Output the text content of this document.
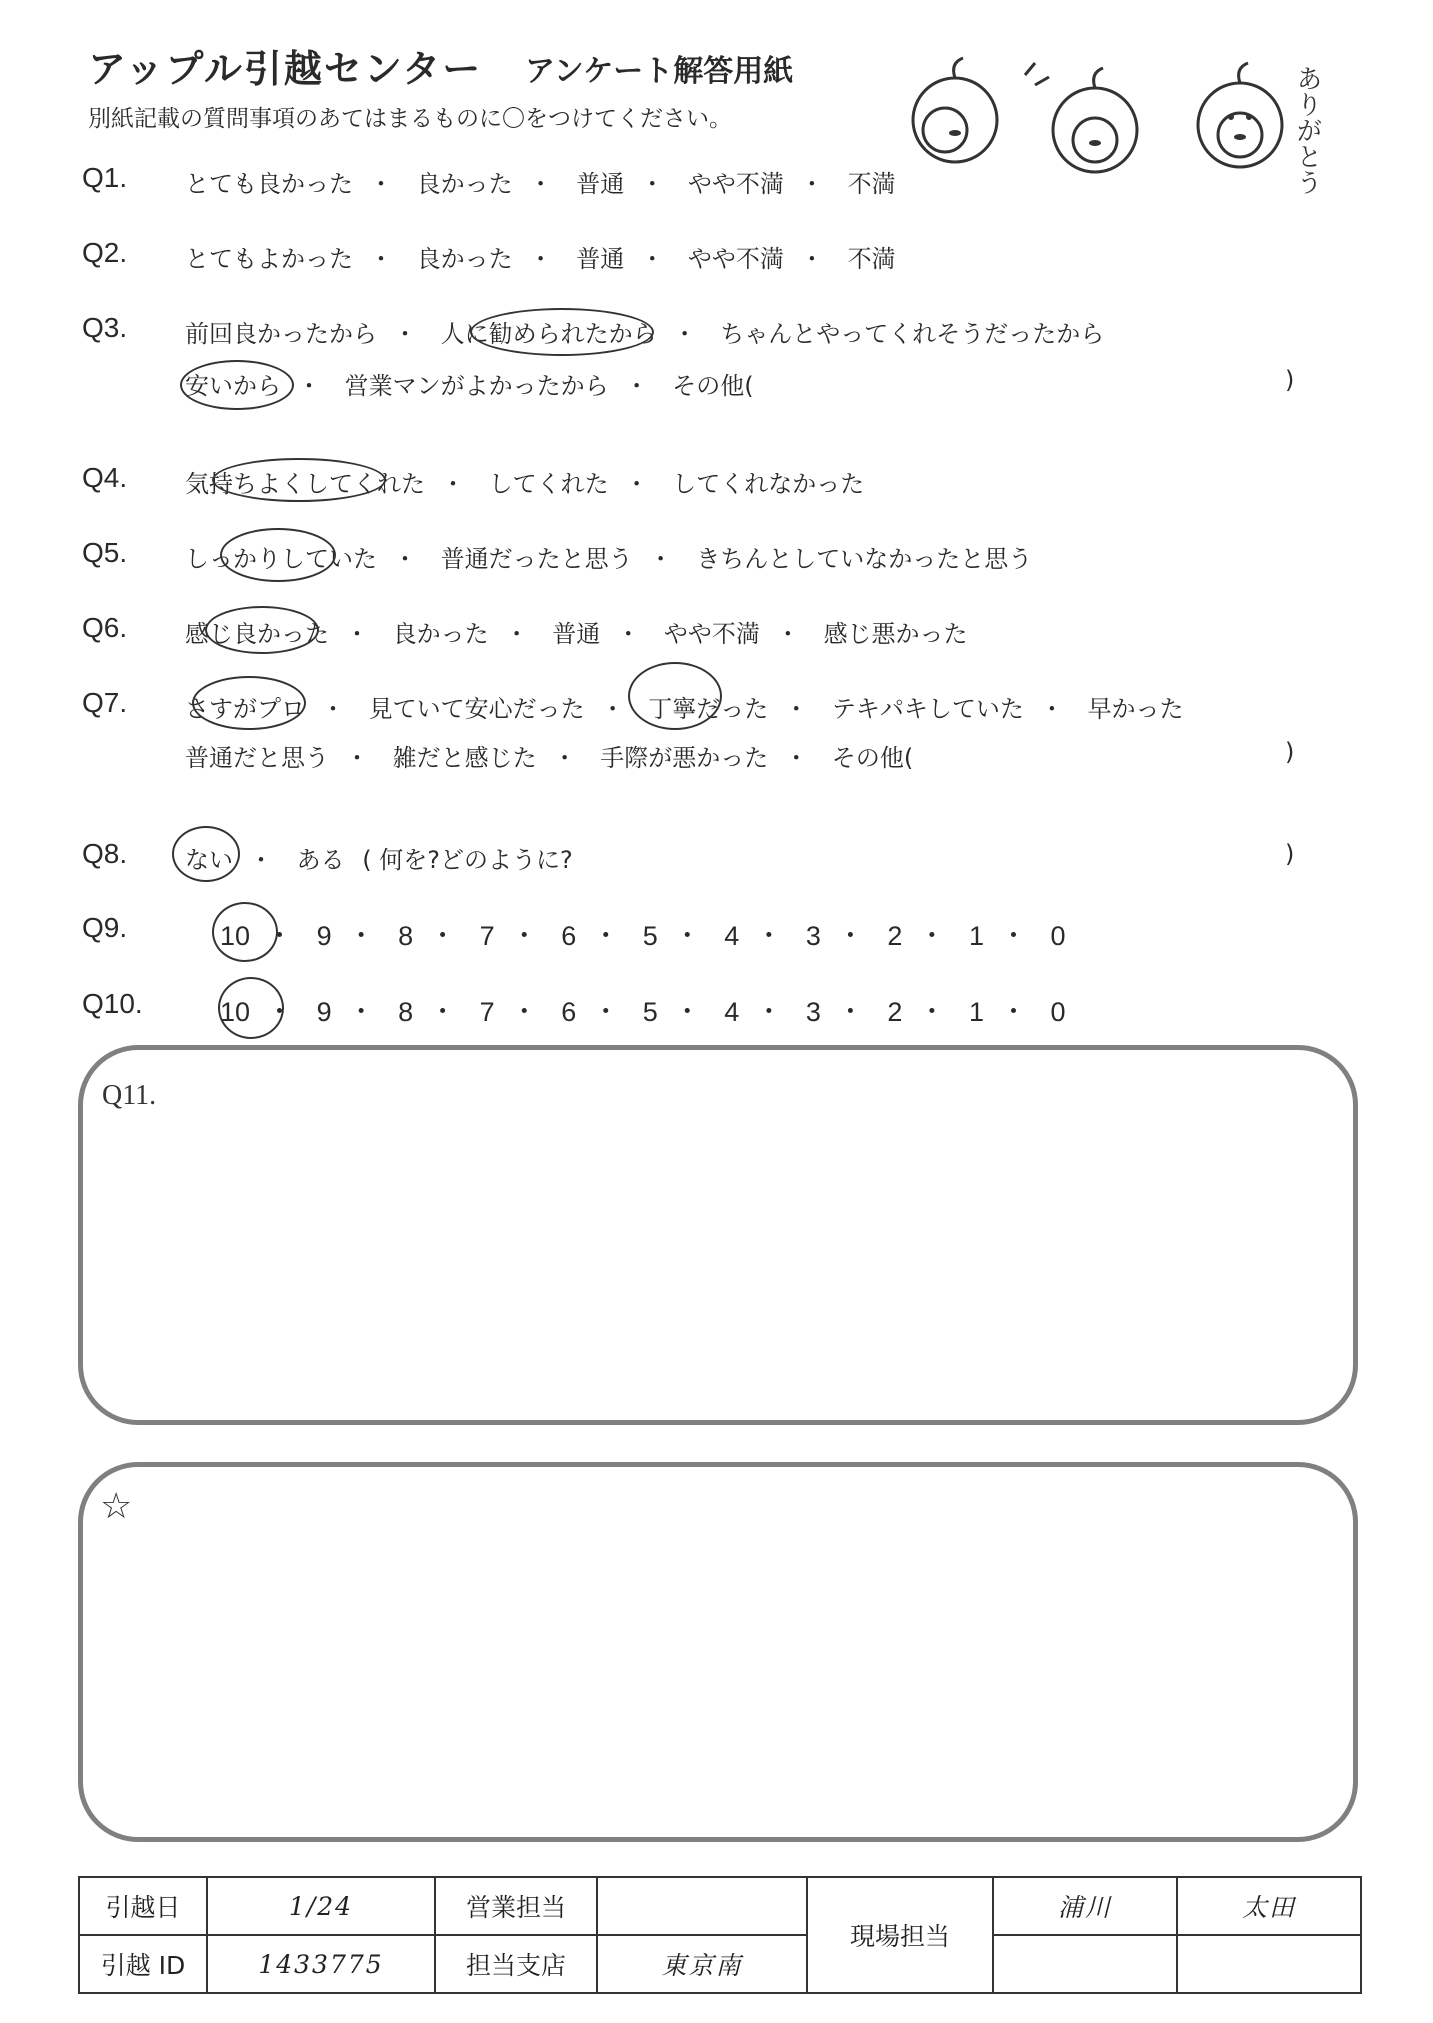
アップル引越センター アンケート解答用紙
別紙記載の質問事項のあてはまるものに〇をつけてください。	ありがとう
Q1. とても良かった ・ 良かった ・ 普通 ・ やや不満 ・ 不満
Q2. とてもよかった ・ 良かった ・ 普通 ・ やや不満 ・ 不満
Q3. 前回良かったから ・ 人に勧められたから ・ ちゃんとやってくれそうだったから
安いから ・ 営業マンがよかったから ・ その他(	)
Q4. 気持ちよくしてくれた ・ してくれた ・ してくれなかった
Q5. しっかりしていた ・ 普通だったと思う ・ きちんとしていなかったと思う
Q6. 感じ良かった ・ 良かった ・ 普通 ・ やや不満 ・ 感じ悪かった
Q7. さすがプロ ・ 見ていて安心だった ・ 丁寧だった ・ テキパキしていた ・ 早かった
普通だと思う ・ 雑だと感じた ・ 手際が悪かった ・ その他(	)
Q8. ない ・ ある ( 何を?どのように?	)
Q9.	10 ・ 9 ・ 8 ・ 7 ・ 6 ・ 5 ・ 4 ・ 3 ・ 2 ・ 1 ・ 0
Q10.	10 ・ 9 ・ 8 ・ 7 ・ 6 ・ 5 ・ 4 ・ 3 ・ 2 ・ 1 ・ 0
Q11.
☆
引越日	1/24	営業担当		現場担当	浦川	太田
引越 ID	1433775	担当支店	東京南			
